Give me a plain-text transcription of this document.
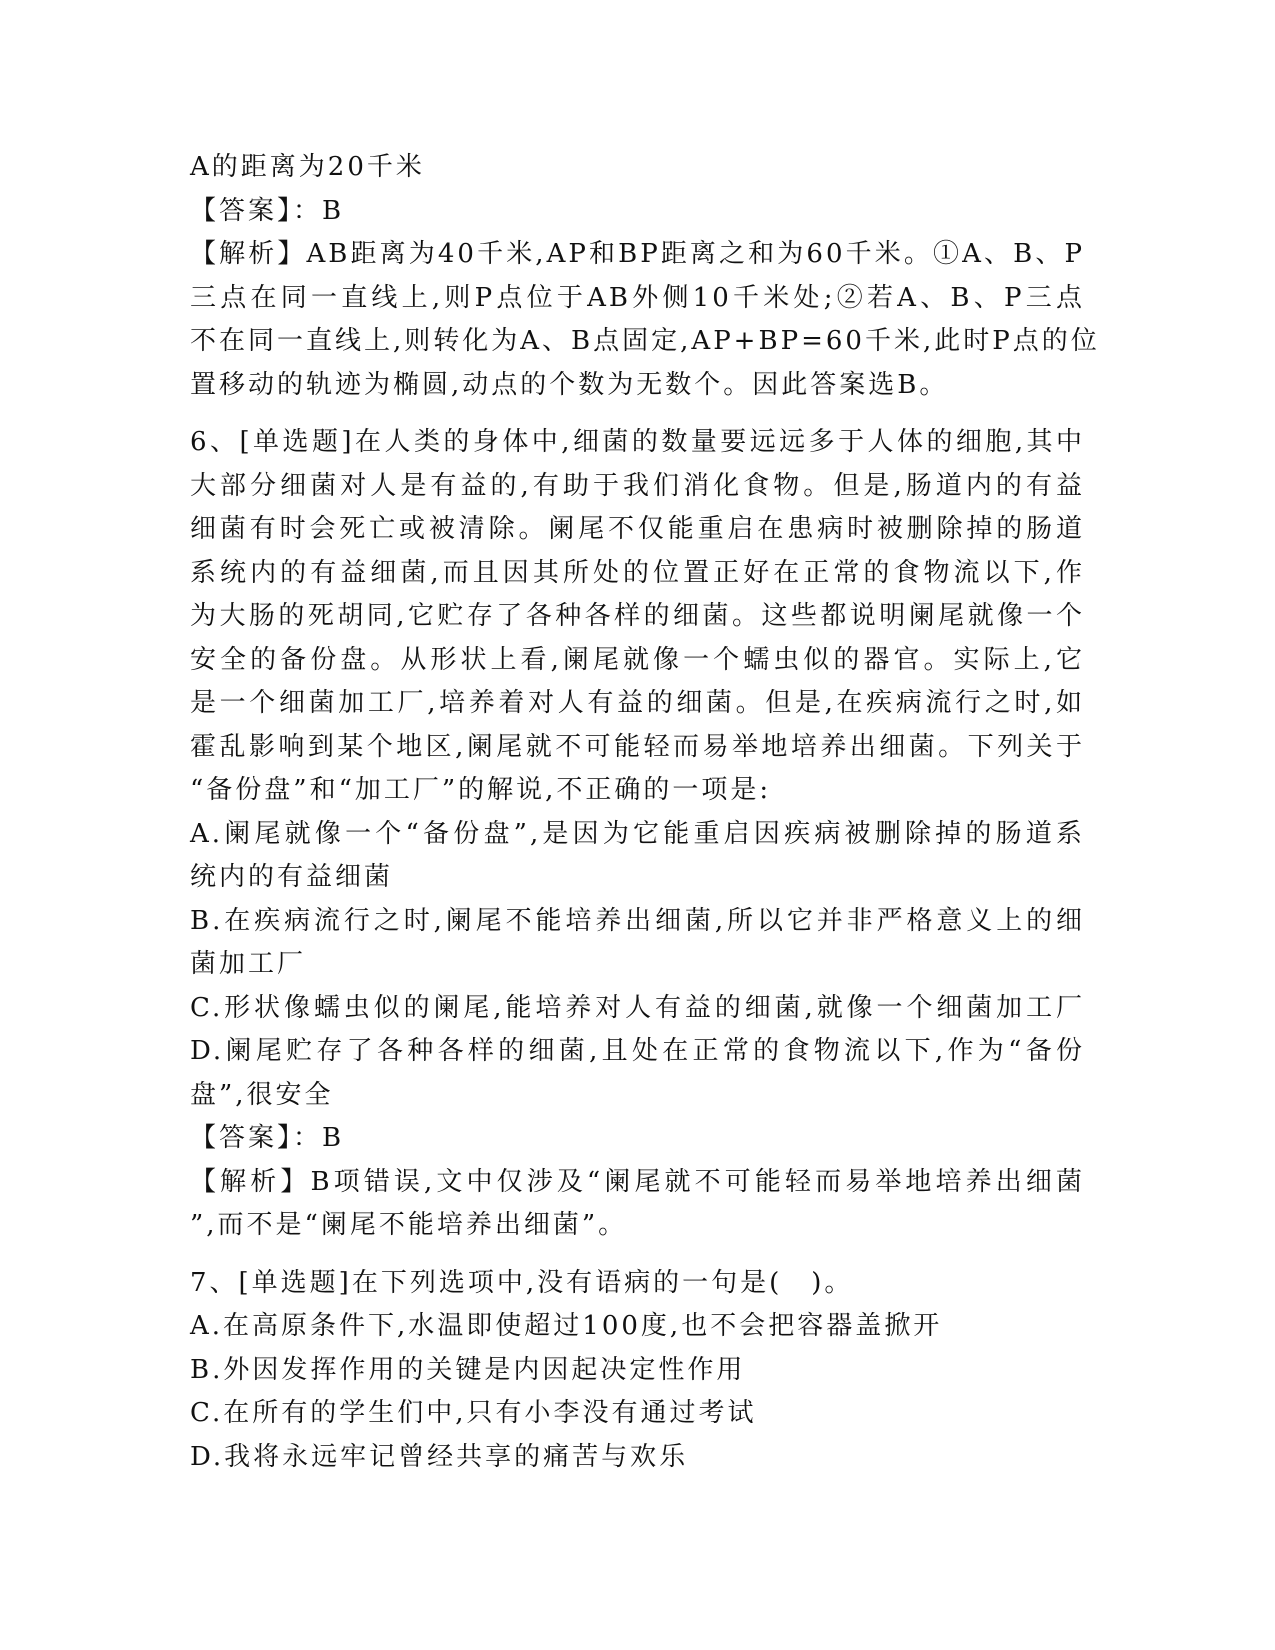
A的距离为20千米
【答案】：B
【解析】AB距离为40千米,AP和BP距离之和为60千米。①A、B、P
三点在同一直线上,则P点位于AB外侧10千米处;②若A、B、P三点
不在同一直线上,则转化为A、B点固定,AP+BP=60千米,此时P点的位
置移动的轨迹为椭圆,动点的个数为无数个。因此答案选B。
6、[单选题]在人类的身体中,细菌的数量要远远多于人体的细胞,其中
大部分细菌对人是有益的,有助于我们消化食物。但是,肠道内的有益
细菌有时会死亡或被清除。阑尾不仅能重启在患病时被删除掉的肠道
系统内的有益细菌,而且因其所处的位置正好在正常的食物流以下,作
为大肠的死胡同,它贮存了各种各样的细菌。这些都说明阑尾就像一个
安全的备份盘。从形状上看,阑尾就像一个蠕虫似的器官。实际上,它
是一个细菌加工厂,培养着对人有益的细菌。但是,在疾病流行之时,如
霍乱影响到某个地区,阑尾就不可能轻而易举地培养出细菌。下列关于
“备份盘”和“加工厂”的解说,不正确的一项是:
A.阑尾就像一个“备份盘”,是因为它能重启因疾病被删除掉的肠道系
统内的有益细菌
B.在疾病流行之时,阑尾不能培养出细菌,所以它并非严格意义上的细
菌加工厂
C.形状像蠕虫似的阑尾,能培养对人有益的细菌,就像一个细菌加工厂
D.阑尾贮存了各种各样的细菌,且处在正常的食物流以下,作为“备份
盘”,很安全
【答案】：B
【解析】B项错误,文中仅涉及“阑尾就不可能轻而易举地培养出细菌
”,而不是“阑尾不能培养出细菌”。
7、[单选题]在下列选项中,没有语病的一句是(　)。
A.在高原条件下,水温即使超过100度,也不会把容器盖掀开
B.外因发挥作用的关键是内因起决定性作用
C.在所有的学生们中,只有小李没有通过考试
D.我将永远牢记曾经共享的痛苦与欢乐
